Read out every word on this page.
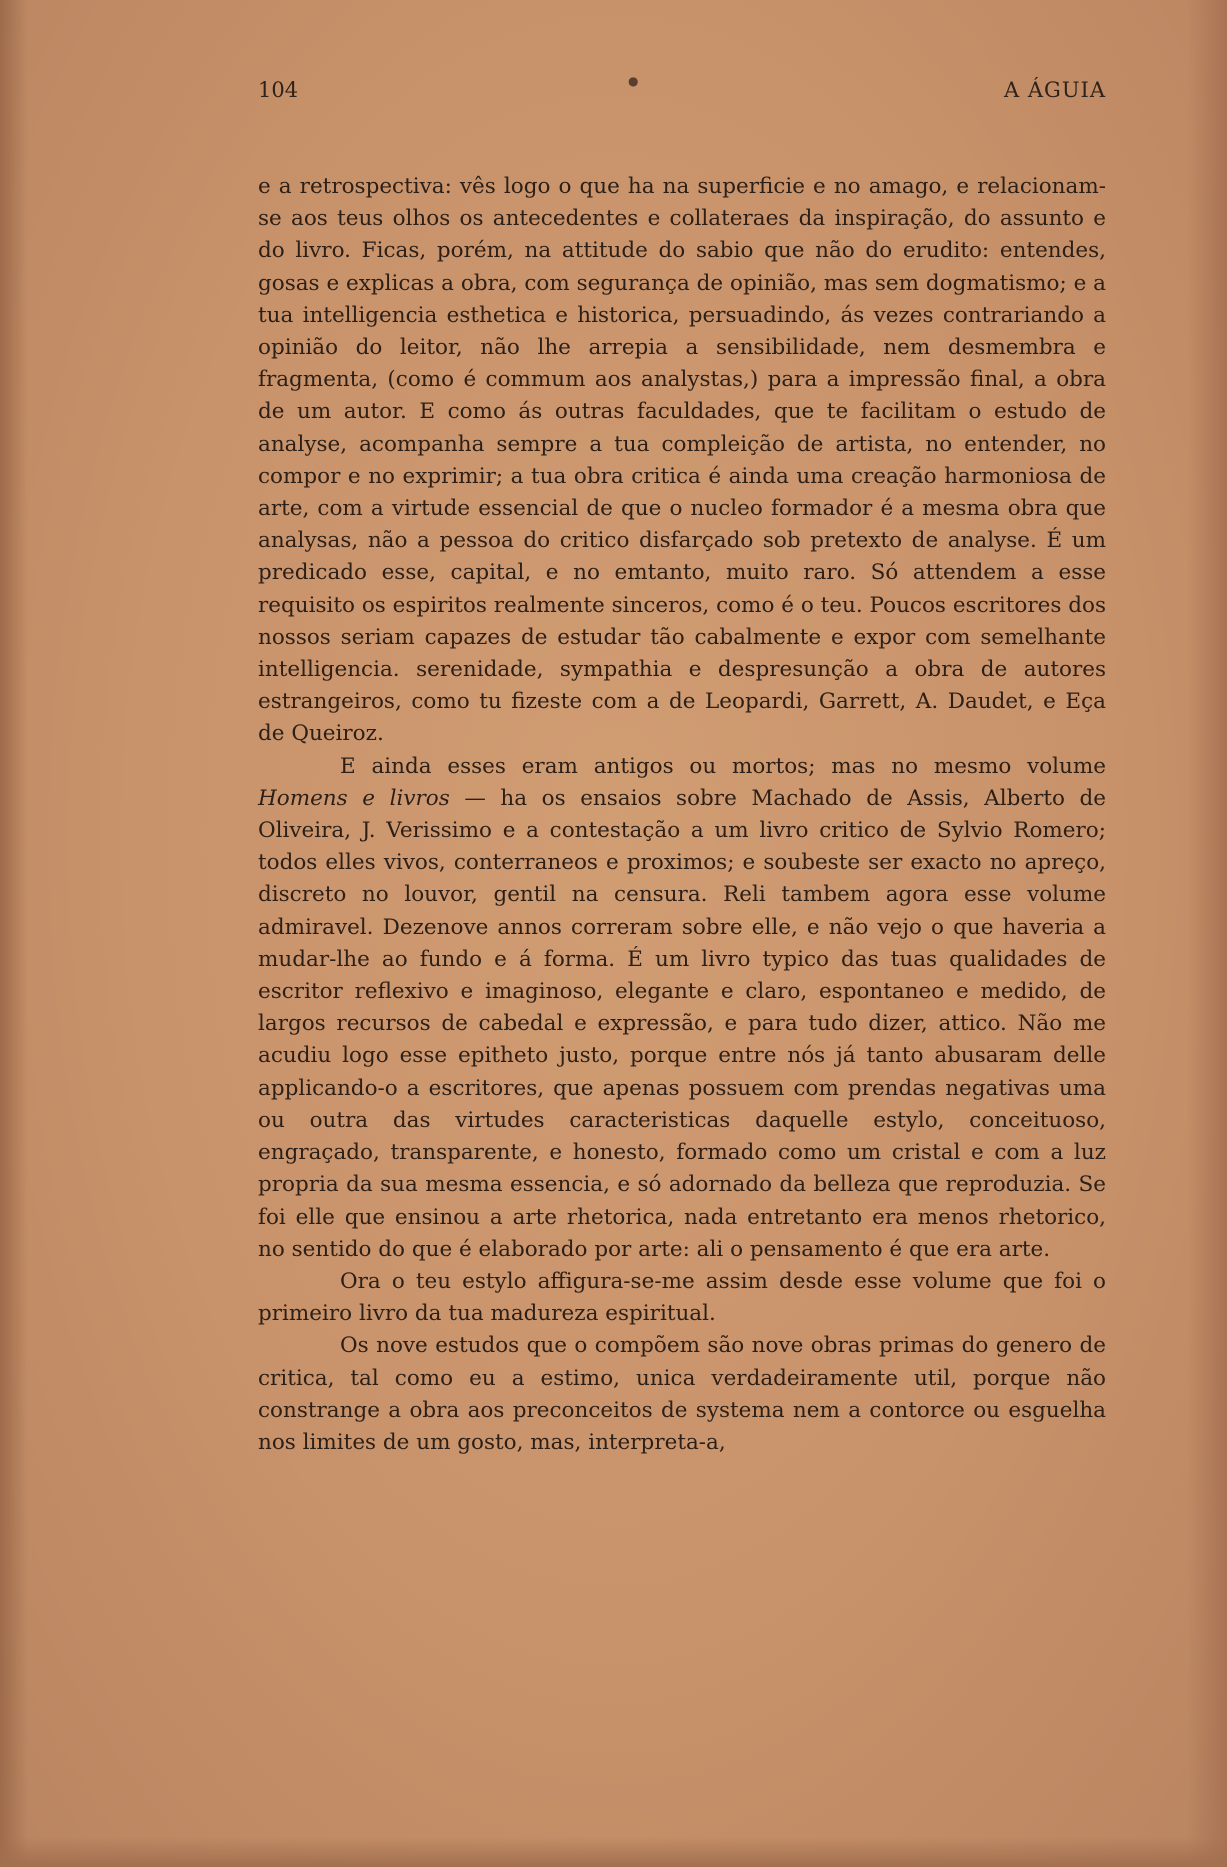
104	●	A ÁGUIA

e a retrospectiva: vês logo o que ha na superficie e no amago, e relacionam-se aos teus olhos os antecedentes e collateraes da inspiração, do assunto e do livro. Ficas, porém, na attitude do sabio que não do erudito: entendes, gosas e explicas a obra, com segurança de opinião, mas sem dogmatismo; e a tua intelligencia esthetica e historica, persuadindo, ás vezes contrariando a opinião do leitor, não lhe arrepia a sensibilidade, nem desmembra e fragmenta, (como é commum aos analystas,) para a impressão final, a obra de um autor. E como ás outras faculdades, que te facilitam o estudo de analyse, acompanha sempre a tua compleição de artista, no entender, no compor e no exprimir; a tua obra critica é ainda uma creação harmoniosa de arte, com a virtude essencial de que o nucleo formador é a mesma obra que analysas, não a pessoa do critico disfarçado sob pretexto de analyse. É um predicado esse, capital, e no emtanto, muito raro. Só attendem a esse requisito os espiritos realmente sinceros, como é o teu. Poucos escritores dos nossos seriam capazes de estudar tão cabalmente e expor com semelhante intelligencia. serenidade, sympathia e despresunção a obra de autores estrangeiros, como tu fizeste com a de Leopardi, Garrett, A. Daudet, e Eça de Queiroz.

E ainda esses eram antigos ou mortos; mas no mesmo volume Homens e livros — ha os ensaios sobre Machado de Assis, Alberto de Oliveira, J. Verissimo e a contestação a um livro critico de Sylvio Romero; todos elles vivos, conterraneos e proximos; e soubeste ser exacto no apreço, discreto no louvor, gentil na censura. Reli tambem agora esse volume admiravel. Dezenove annos correram sobre elle, e não vejo o que haveria a mudar-lhe ao fundo e á forma. É um livro typico das tuas qualidades de escritor reflexivo e imaginoso, elegante e claro, espontaneo e medido, de largos recursos de cabedal e expressão, e para tudo dizer, attico. Não me acudiu logo esse epitheto justo, porque entre nós já tanto abusaram delle applicando-o a escritores, que apenas possuem com prendas negativas uma ou outra das virtudes caracteristicas daquelle estylo, conceituoso, engraçado, transparente, e honesto, formado como um cristal e com a luz propria da sua mesma essencia, e só adornado da belleza que reproduzia. Se foi elle que ensinou a arte rhetorica, nada entretanto era menos rhetorico, no sentido do que é elaborado por arte: ali o pensamento é que era arte.

Ora o teu estylo affigura-se-me assim desde esse volume que foi o primeiro livro da tua madureza espiritual.

Os nove estudos que o compõem são nove obras primas do genero de critica, tal como eu a estimo, unica verdadeiramente util, porque não constrange a obra aos preconceitos de systema nem a contorce ou esguelha nos limites de um gosto, mas, interpreta-a,
